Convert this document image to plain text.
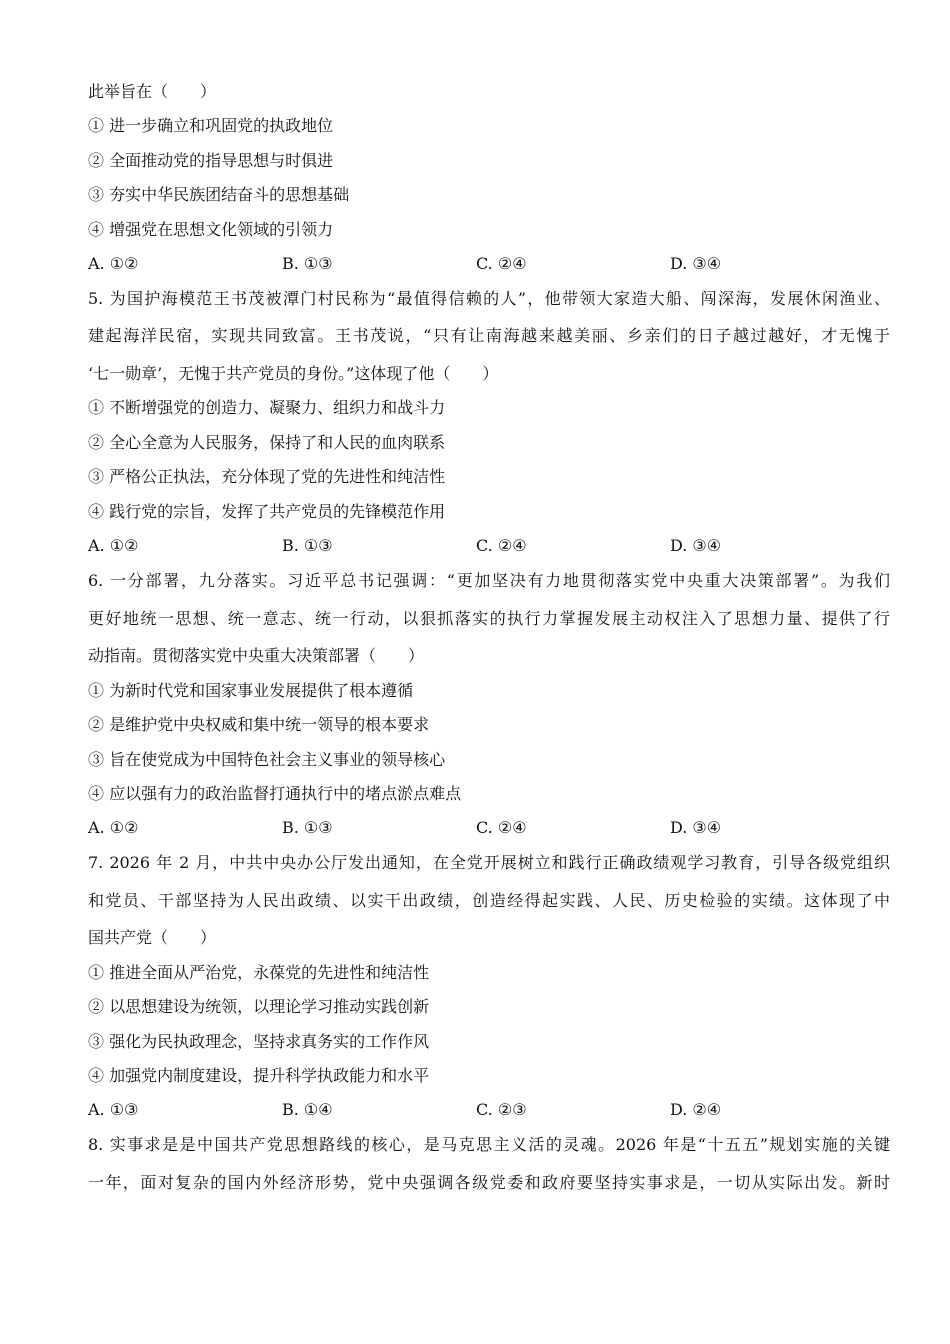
此举旨在（　　）
① 进一步确立和巩固党的执政地位
② 全面推动党的指导思想与时俱进
③ 夯实中华民族团结奋斗的思想基础
④ 增强党在思想文化领域的引领力
A. ①②	B. ①③	C. ②④	D. ③④
5. 为国护海模范王书茂被潭门村民称为“最值得信赖的人”，他带领大家造大船、闯深海，发展休闲渔业、
建起海洋民宿，实现共同致富。王书茂说，“只有让南海越来越美丽、乡亲们的日子越过越好，才无愧于
‘七一勋章’，无愧于共产党员的身份。”这体现了他（　　）
① 不断增强党的创造力、凝聚力、组织力和战斗力
② 全心全意为人民服务，保持了和人民的血肉联系
③ 严格公正执法，充分体现了党的先进性和纯洁性
④ 践行党的宗旨，发挥了共产党员的先锋模范作用
A. ①②	B. ①③	C. ②④	D. ③④
6. 一分部署，九分落实。习近平总书记强调：“更加坚决有力地贯彻落实党中央重大决策部署”。为我们
更好地统一思想、统一意志、统一行动，以狠抓落实的执行力掌握发展主动权注入了思想力量、提供了行
动指南。贯彻落实党中央重大决策部署（　　）
① 为新时代党和国家事业发展提供了根本遵循
② 是维护党中央权威和集中统一领导的根本要求
③ 旨在使党成为中国特色社会主义事业的领导核心
④ 应以强有力的政治监督打通执行中的堵点淤点难点
A. ①②	B. ①③	C. ②④	D. ③④
7. 2026 年 2 月，中共中央办公厅发出通知，在全党开展树立和践行正确政绩观学习教育，引导各级党组织
和党员、干部坚持为人民出政绩、以实干出政绩，创造经得起实践、人民、历史检验的实绩。这体现了中
国共产党（　　）
① 推进全面从严治党，永葆党的先进性和纯洁性
② 以思想建设为统领，以理论学习推动实践创新
③ 强化为民执政理念，坚持求真务实的工作作风
④ 加强党内制度建设，提升科学执政能力和水平
A. ①③	B. ①④	C. ②③	D. ②④
8. 实事求是是中国共产党思想路线的核心，是马克思主义活的灵魂。2026 年是“十五五”规划实施的关键
一年，面对复杂的国内外经济形势，党中央强调各级党委和政府要坚持实事求是，一切从实际出发。新时
